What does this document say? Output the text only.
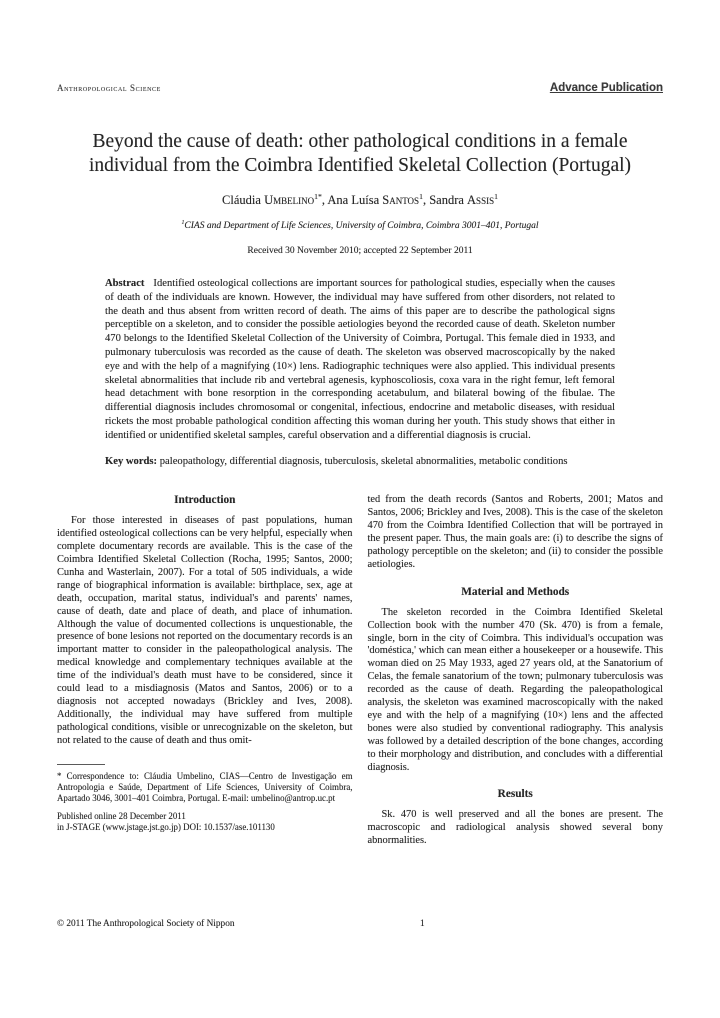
Anthropological Science	Advance Publication
Beyond the cause of death: other pathological conditions in a female individual from the Coimbra Identified Skeletal Collection (Portugal)
Cláudia Umbelino$^{1*}$, Ana Luísa Santos$^1$, Sandra Assis$^1$
$^1$CIAS and Department of Life Sciences, University of Coimbra, Coimbra 3001–401, Portugal
Received 30 November 2010; accepted 22 September 2011
Abstract Identified osteological collections are important sources for pathological studies, especially when the causes of death of the individuals are known. However, the individual may have suffered from other disorders, not related to the death and thus absent from written record of death. The aims of this paper are to describe the pathological signs perceptible on a skeleton, and to consider the possible aetiologies beyond the recorded cause of death. Skeleton number 470 belongs to the Identified Skeletal Collection of the University of Coimbra, Portugal. This female died in 1933, and pulmonary tuberculosis was recorded as the cause of death. The skeleton was observed macroscopically by the naked eye and with the help of a magnifying (10×) lens. Radiographic techniques were also applied. This individual presents skeletal abnormalities that include rib and vertebral agenesis, kyphoscoliosis, coxa vara in the right femur, left femoral head detachment with bone resorption in the corresponding acetabulum, and bilateral bowing of the fibulae. The differential diagnosis includes chromosomal or congenital, infectious, endocrine and metabolic diseases, with residual rickets the most probable pathological condition affecting this woman during her youth. This study shows that either in identified or unidentified skeletal samples, careful observation and a differential diagnosis is crucial.
Key words: paleopathology, differential diagnosis, tuberculosis, skeletal abnormalities, metabolic conditions
Introduction

For those interested in diseases of past populations, human identified osteological collections can be very helpful, especially when complete documentary records are available. This is the case of the Coimbra Identified Skeletal Collection (Rocha, 1995; Santos, 2000; Cunha and Wasterlain, 2007). For a total of 505 individuals, a wide range of biographical information is available: birthplace, sex, age at death, occupation, marital status, individual's and parents' names, cause of death, date and place of death, and place of inhumation. Although the value of documented collections is unquestionable, the presence of bone lesions not reported on the documentary records is an important matter to consider in the paleopathological analysis. The medical knowledge and complementary techniques available at the time of the individual's death must have to be considered, since it could lead to a misdiagnosis (Matos and Santos, 2006) or to a diagnosis not accepted nowadays (Brickley and Ives, 2008). Additionally, the individual may have suffered from multiple pathological conditions, visible or unrecognizable on the skeleton, but not related to the cause of death and thus omit-

* Correspondence to: Cláudia Umbelino, CIAS—Centro de Investigação em Antropologia e Saúde, Department of Life Sciences, University of Coimbra, Apartado 3046, 3001–401 Coimbra, Portugal. E-mail: umbelino@antrop.uc.pt

Published online 28 December 2011

in J-STAGE (www.jstage.jst.go.jp) DOI: 10.1537/ase.101130

ted from the death records (Santos and Roberts, 2001; Matos and Santos, 2006; Brickley and Ives, 2008). This is the case of the skeleton 470 from the Coimbra Identified Collection that will be portrayed in the present paper. Thus, the main goals are: (i) to describe the signs of pathology perceptible on the skeleton; and (ii) to consider the possible aetiologies.

Material and Methods

The skeleton recorded in the Coimbra Identified Skeletal Collection book with the number 470 (Sk. 470) is from a female, single, born in the city of Coimbra. This individual's occupation was 'doméstica,' which can mean either a housekeeper or a housewife. This woman died on 25 May 1933, aged 27 years old, at the Sanatorium of Celas, the female sanatorium of the town; pulmonary tuberculosis was recorded as the cause of death. Regarding the paleopathological analysis, the skeleton was examined macroscopically with the naked eye and with the help of a magnifying (10×) lens and the affected bones were also studied by conventional radiography. This analysis was followed by a detailed description of the bone changes, according to their morphology and distribution, and concludes with a differential diagnosis.

Results

Sk. 470 is well preserved and all the bones are present. The macroscopic and radiological analysis showed several bony abnormalities.

© 2011 The Anthropological Society of Nippon	1
